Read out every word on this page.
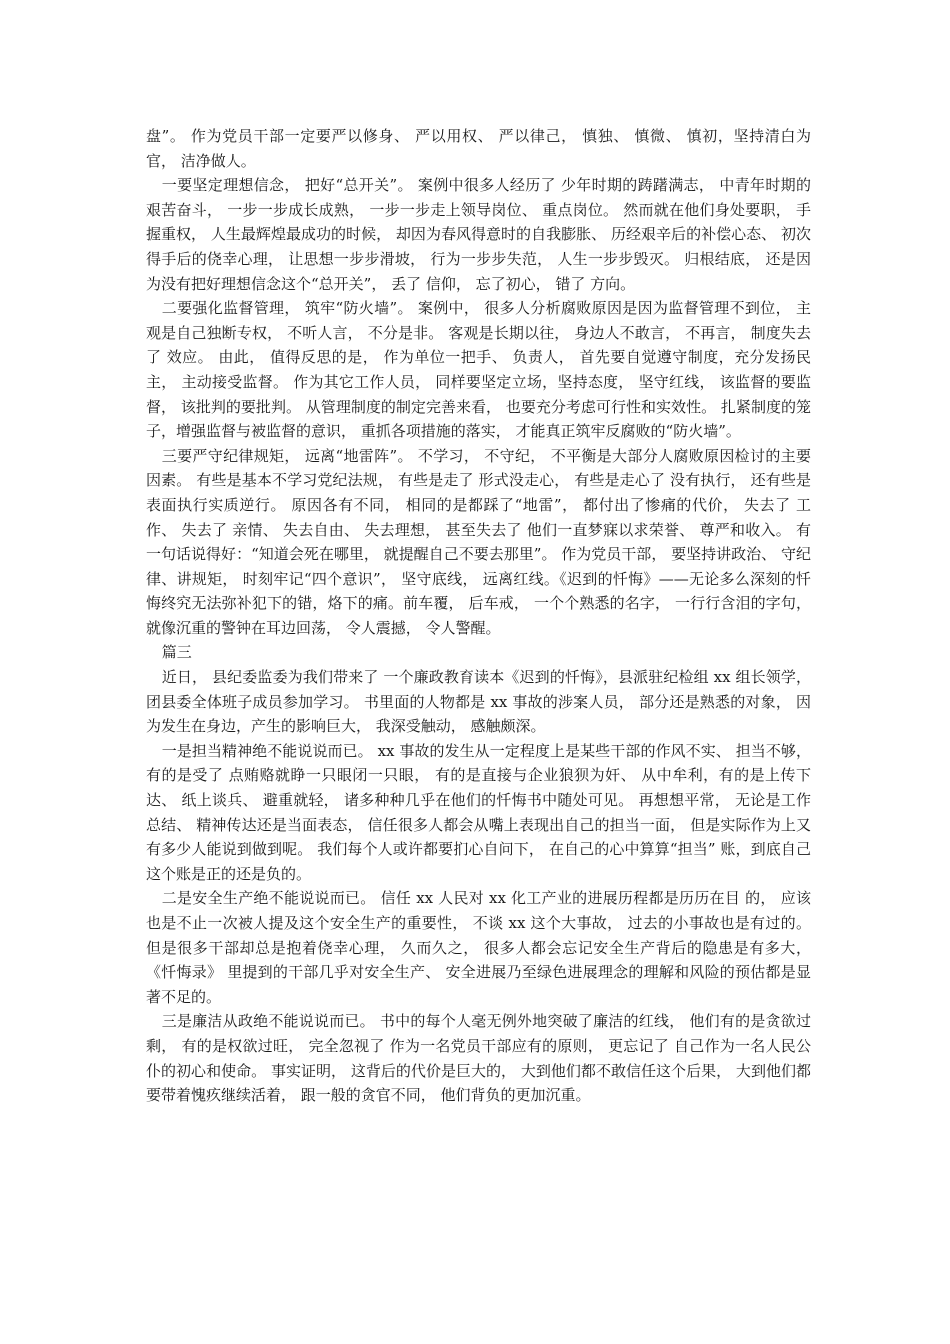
盘”。 作为党员干部一定要严以修身、 严以用权、 严以律己， 慎独、 慎微、 慎初，坚持清白为官， 洁净做人。

一要坚定理想信念， 把好“总开关”。 案例中很多人经历了 少年时期的踌躇满志， 中青年时期的艰苦奋斗， 一步一步成长成熟， 一步一步走上领导岗位、 重点岗位。 然而就在他们身处要职， 手握重权， 人生最辉煌最成功的时候， 却因为春风得意时的自我膨胀、 历经艰辛后的补偿心态、 初次得手后的侥幸心理， 让思想一步步滑坡， 行为一步步失范， 人生一步步毁灭。 归根结底， 还是因为没有把好理想信念这个“总开关”， 丢了 信仰， 忘了初心， 错了 方向。

二要强化监督管理， 筑牢“防火墙”。 案例中， 很多人分析腐败原因是因为监督管理不到位， 主观是自己独断专权， 不听人言， 不分是非。 客观是长期以往， 身边人不敢言， 不再言， 制度失去了 效应。 由此， 值得反思的是， 作为单位一把手、 负责人， 首先要自觉遵守制度，充分发扬民主， 主动接受监督。 作为其它工作人员， 同样要坚定立场，坚持态度， 坚守红线， 该监督的要监督， 该批判的要批判。 从管理制度的制定完善来看， 也要充分考虑可行性和实效性。 扎紧制度的笼子，增强监督与被监督的意识， 重抓各项措施的落实， 才能真正筑牢反腐败的“防火墙”。

三要严守纪律规矩， 远离“地雷阵”。 不学习， 不守纪， 不平衡是大部分人腐败原因检讨的主要因素。 有些是基本不学习党纪法规， 有些是走了 形式没走心， 有些是走心了 没有执行， 还有些是表面执行实质逆行。 原因各有不同， 相同的是都踩了“地雷”， 都付出了惨痛的代价， 失去了 工作、 失去了 亲情、 失去自由、 失去理想， 甚至失去了 他们一直梦寐以求荣誉、 尊严和收入。 有一句话说得好：“知道会死在哪里， 就提醒自己不要去那里”。 作为党员干部， 要坚持讲政治、 守纪律、讲规矩， 时刻牢记“四个意识”， 坚守底线， 远离红线。《迟到的忏悔》——无论多么深刻的忏悔终究无法弥补犯下的错，烙下的痛。前车覆， 后车戒， 一个个熟悉的名字， 一行行含泪的字句，就像沉重的警钟在耳边回荡， 令人震撼， 令人警醒。

篇三

近日， 县纪委监委为我们带来了 一个廉政教育读本《迟到的忏悔》，县派驻纪检组 xx 组长领学， 团县委全体班子成员参加学习。 书里面的人物都是 xx 事故的涉案人员， 部分还是熟悉的对象， 因为发生在身边，产生的影响巨大， 我深受触动， 感触颇深。

一是担当精神绝不能说说而已。 xx 事故的发生从一定程度上是某些干部的作风不实、 担当不够， 有的是受了 点贿赂就睁一只眼闭一只眼， 有的是直接与企业狼狈为奸、 从中牟利，有的是上传下达、 纸上谈兵、 避重就轻， 诸多种种几乎在他们的忏悔书中随处可见。 再想想平常， 无论是工作总结、 精神传达还是当面表态， 信任很多人都会从嘴上表现出自己的担当一面， 但是实际作为上又有多少人能说到做到呢。 我们每个人或许都要扪心自问下， 在自己的心中算算“担当” 账，到底自己这个账是正的还是负的。

二是安全生产绝不能说说而已。 信任 xx 人民对 xx 化工产业的进展历程都是历历在目 的， 应该也是不止一次被人提及这个安全生产的重要性， 不谈 xx 这个大事故， 过去的小事故也是有过的。 但是很多干部却总是抱着侥幸心理， 久而久之， 很多人都会忘记安全生产背后的隐患是有多大， 《忏悔录》 里提到的干部几乎对安全生产、 安全进展乃至绿色进展理念的理解和风险的预估都是显著不足的。

三是廉洁从政绝不能说说而已。 书中的每个人毫无例外地突破了廉洁的红线， 他们有的是贪欲过剩， 有的是权欲过旺， 完全忽视了 作为一名党员干部应有的原则， 更忘记了 自己作为一名人民公仆的初心和使命。 事实证明， 这背后的代价是巨大的， 大到他们都不敢信任这个后果， 大到他们都要带着愧疚继续活着， 跟一般的贪官不同， 他们背负的更加沉重。
